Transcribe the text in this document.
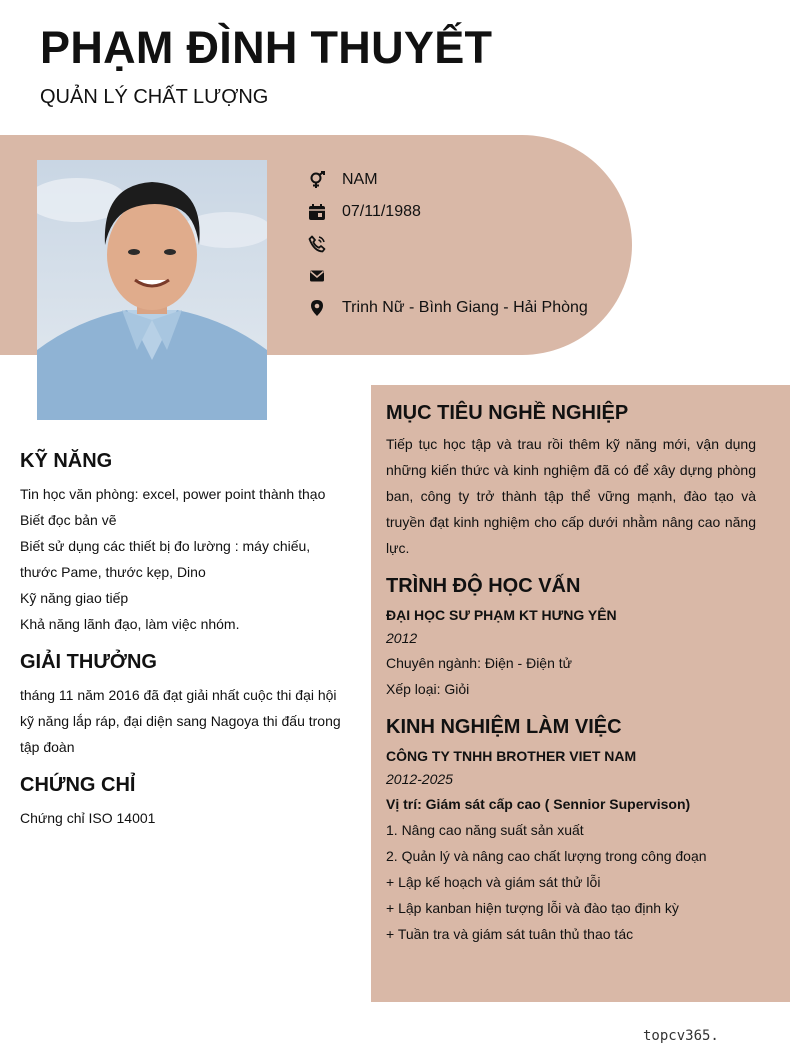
PHẠM ĐÌNH THUYẾT
QUẢN LÝ CHẤT LƯỢNG
NAM
07/11/1988
Trinh Nữ - Bình Giang - Hải Phòng
KỸ NĂNG
Tin học văn phòng: excel, power point thành thạo
Biết đọc bản vẽ
Biết sử dụng các thiết bị đo lường : máy chiếu, thước Pame, thước kẹp, Dino
Kỹ năng giao tiếp
Khả năng lãnh đạo, làm việc nhóm.
GIẢI THƯỞNG
tháng 11 năm 2016 đã đạt giải nhất cuộc thi đại hội kỹ năng lắp ráp, đại diện sang Nagoya thi đấu trong tập đoàn
CHỨNG CHỈ
Chứng chỉ ISO 14001
MỤC TIÊU NGHỀ NGHIỆP
Tiếp tục học tập và trau rồi thêm kỹ năng mới, vận dụng những kiến thức và kinh nghiệm đã có để xây dựng phòng ban, công ty trở thành tập thể vững mạnh, đào tạo và truyền đạt kinh nghiệm cho cấp dưới nhằm nâng cao năng lực.
TRÌNH ĐỘ HỌC VẤN
ĐẠI HỌC SƯ PHẠM KT HƯNG YÊN
2012
Chuyên ngành: Điện - Điện tử
Xếp loại: Giỏi
KINH NGHIỆM LÀM VIỆC
CÔNG TY TNHH BROTHER VIET NAM
2012-2025
Vị trí: Giám sát cấp cao ( Sennior Supervison)
1. Nâng cao năng suất sản xuất
2. Quản lý và nâng cao chất lượng trong công đoạn
+ Lập kế hoạch và giám sát thử lỗi
+ Lập kanban hiện tượng lỗi và đào tạo định kỳ
+ Tuần tra và giám sát tuân thủ thao tác
topcv365.
